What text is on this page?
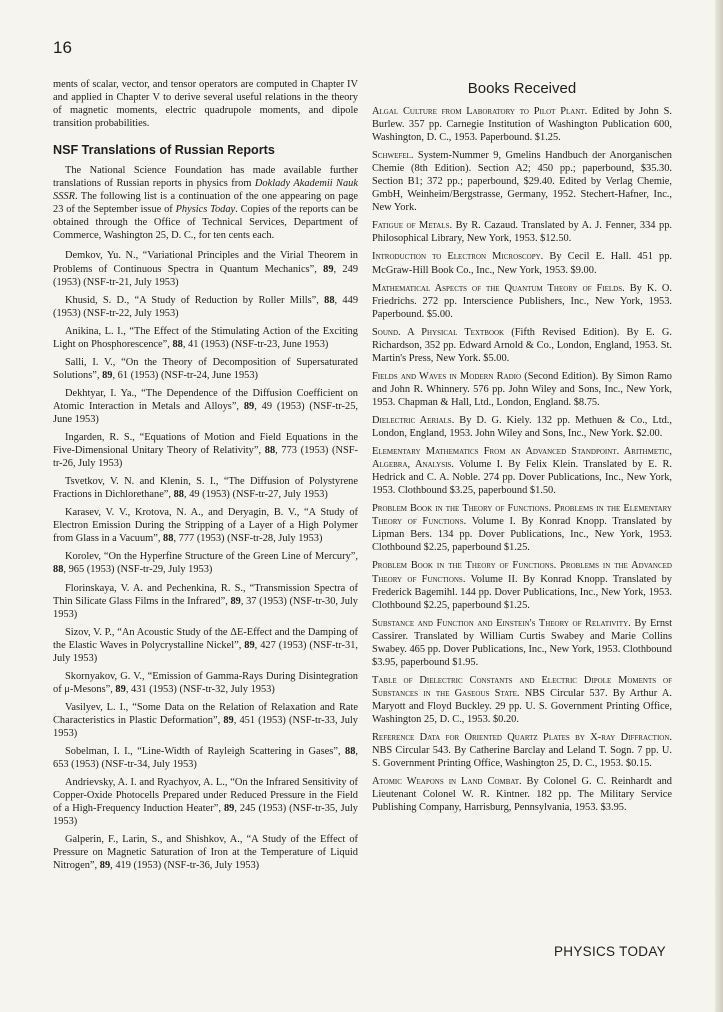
16

ments of scalar, vector, and tensor operators are computed in Chapter IV and applied in Chapter V to derive several useful relations in the theory of magnetic moments, electric quadrupole moments, and dipole transition probabilities.

NSF Translations of Russian Reports

The National Science Foundation has made available further translations of Russian reports in physics from Doklady Akademii Nauk SSSR. The following list is a continuation of the one appearing on page 23 of the September issue of Physics Today. Copies of the reports can be obtained through the Office of Technical Services, Department of Commerce, Washington 25, D. C., for ten cents each.

Demkov, Yu. N., “Variational Principles and the Virial Theorem in Problems of Continuous Spectra in Quantum Mechanics”, 89, 249 (1953) (NSF-tr-21, July 1953)

Khusid, S. D., “A Study of Reduction by Roller Mills”, 88, 449 (1953) (NSF-tr-22, July 1953)

Anikina, L. I., “The Effect of the Stimulating Action of the Exciting Light on Phosphorescence”, 88, 41 (1953) (NSF-tr-23, June 1953)

Salli, I. V., “On the Theory of Decomposition of Supersaturated Solutions”, 89, 61 (1953) (NSF-tr-24, June 1953)

Dekhtyar, I. Ya., “The Dependence of the Diffusion Coefficient on Atomic Interaction in Metals and Alloys”, 89, 49 (1953) (NSF-tr-25, June 1953)

Ingarden, R. S., “Equations of Motion and Field Equations in the Five-Dimensional Unitary Theory of Relativity”, 88, 773 (1953) (NSF-tr-26, July 1953)

Tsvetkov, V. N. and Klenin, S. I., “The Diffusion of Polystyrene Fractions in Dichlorethane”, 88, 49 (1953) (NSF-tr-27, July 1953)

Karasev, V. V., Krotova, N. A., and Deryagin, B. V., “A Study of Electron Emission During the Stripping of a Layer of a High Polymer from Glass in a Vacuum”, 88, 777 (1953) (NSF-tr-28, July 1953)

Korolev, “On the Hyperfine Structure of the Green Line of Mercury”, 88, 965 (1953) (NSF-tr-29, July 1953)

Florinskaya, V. A. and Pechenkina, R. S., “Transmission Spectra of Thin Silicate Glass Films in the Infrared”, 89, 37 (1953) (NSF-tr-30, July 1953)

Sizov, V. P., “An Acoustic Study of the ΔE-Effect and the Damping of the Elastic Waves in Polycrystalline Nickel”, 89, 427 (1953) (NSF-tr-31, July 1953)

Skornyakov, G. V., “Emission of Gamma-Rays During Disintegration of μ-Mesons”, 89, 431 (1953) (NSF-tr-32, July 1953)

Vasilyev, L. I., “Some Data on the Relation of Relaxation and Rate Characteristics in Plastic Deformation”, 89, 451 (1953) (NSF-tr-33, July 1953)

Sobelman, I. I., “Line-Width of Rayleigh Scattering in Gases”, 88, 653 (1953) (NSF-tr-34, July 1953)

Andrievsky, A. I. and Ryachyov, A. L., “On the Infrared Sensitivity of Copper-Oxide Photocells Prepared under Reduced Pressure in the Field of a High-Frequency Induction Heater”, 89, 245 (1953) (NSF-tr-35, July 1953)

Galperin, F., Larin, S., and Shishkov, A., “A Study of the Effect of Pressure on Magnetic Saturation of Iron at the Temperature of Liquid Nitrogen”, 89, 419 (1953) (NSF-tr-36, July 1953)

Books Received

Algal Culture from Laboratory to Pilot Plant. Edited by John S. Burlew. 357 pp. Carnegie Institution of Washington Publication 600, Washington, D. C., 1953. Paperbound. $1.25.

Schwefel. System-Nummer 9, Gmelins Handbuch der Anorganischen Chemie (8th Edition). Section A2; 450 pp.; paperbound, $35.30. Section B1; 372 pp.; paperbound, $29.40. Edited by Verlag Chemie, GmbH, Weinheim/Bergstrasse, Germany, 1952. Stechert-Hafner, Inc., New York.

Fatigue of Metals. By R. Cazaud. Translated by A. J. Fenner, 334 pp. Philosophical Library, New York, 1953. $12.50.

Introduction to Electron Microscopy. By Cecil E. Hall. 451 pp. McGraw-Hill Book Co., Inc., New York, 1953. $9.00.

Mathematical Aspects of the Quantum Theory of Fields. By K. O. Friedrichs. 272 pp. Interscience Publishers, Inc., New York, 1953. Paperbound. $5.00.

Sound. A Physical Textbook (Fifth Revised Edition). By E. G. Richardson, 352 pp. Edward Arnold & Co., London, England, 1953. St. Martin's Press, New York. $5.00.

Fields and Waves in Modern Radio (Second Edition). By Simon Ramo and John R. Whinnery. 576 pp. John Wiley and Sons, Inc., New York, 1953. Chapman & Hall, Ltd., London, England. $8.75.

Dielectric Aerials. By D. G. Kiely. 132 pp. Methuen & Co., Ltd., London, England, 1953. John Wiley and Sons, Inc., New York. $2.00.

Elementary Mathematics From an Advanced Standpoint. Arithmetic, Algebra, Analysis. Volume I. By Felix Klein. Translated by E. R. Hedrick and C. A. Noble. 274 pp. Dover Publications, Inc., New York, 1953. Clothbound $3.25, paperbound $1.50.

Problem Book in the Theory of Functions. Problems in the Elementary Theory of Functions. Volume I. By Konrad Knopp. Translated by Lipman Bers. 134 pp. Dover Publications, Inc., New York, 1953. Clothbound $2.25, paperbound $1.25.

Problem Book in the Theory of Functions. Problems in the Advanced Theory of Functions. Volume II. By Konrad Knopp. Translated by Frederick Bagemihl. 144 pp. Dover Publications, Inc., New York, 1953. Clothbound $2.25, paperbound $1.25.

Substance and Function and Einstein's Theory of Relativity. By Ernst Cassirer. Translated by William Curtis Swabey and Marie Collins Swabey. 465 pp. Dover Publications, Inc., New York, 1953. Clothbound $3.95, paperbound $1.95.

Table of Dielectric Constants and Electric Dipole Moments of Substances in the Gaseous State. NBS Circular 537. By Arthur A. Maryott and Floyd Buckley. 29 pp. U. S. Government Printing Office, Washington 25, D. C., 1953. $0.20.

Reference Data for Oriented Quartz Plates by X-ray Diffraction. NBS Circular 543. By Catherine Barclay and Leland T. Sogn. 7 pp. U. S. Government Printing Office, Washington 25, D. C., 1953. $0.15.

Atomic Weapons in Land Combat. By Colonel G. C. Reinhardt and Lieutenant Colonel W. R. Kintner. 182 pp. The Military Service Publishing Company, Harrisburg, Pennsylvania, 1953. $3.95.

PHYSICS TODAY
